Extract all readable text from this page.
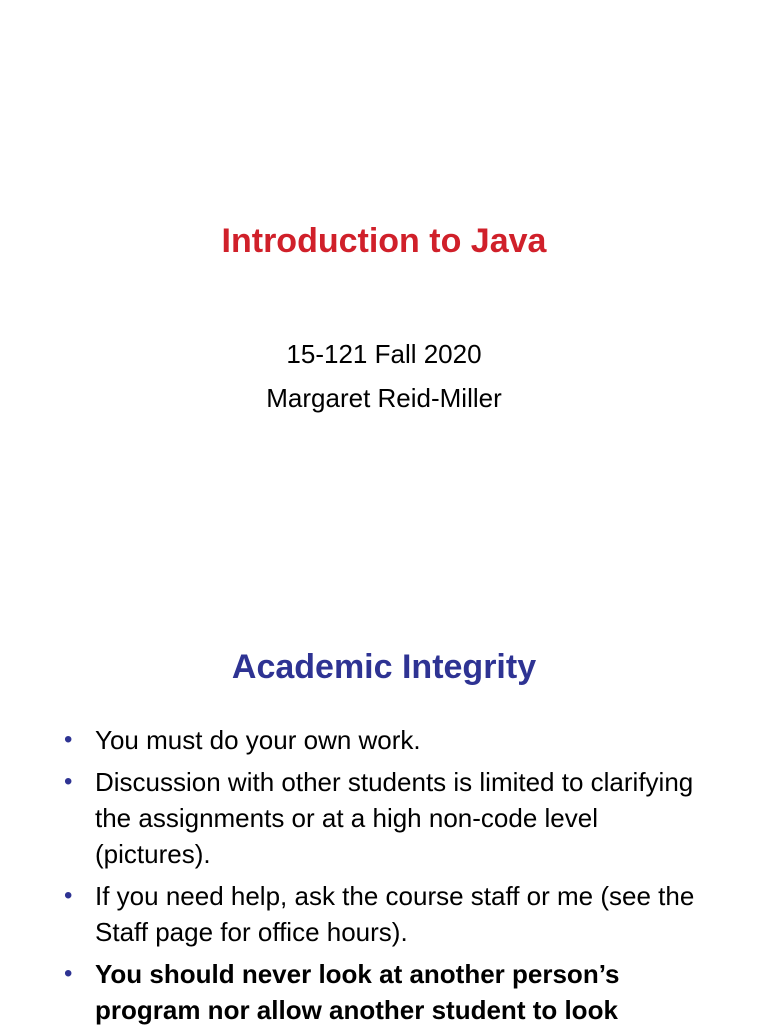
Introduction to Java
15-121 Fall 2020
Margaret Reid-Miller
Academic Integrity
• You must do your own work.
• Discussion with other students is limited to clarifying the assignments or at a high non-code level (pictures).
• If you need help, ask the course staff or me (see the Staff page for office hours).
• You should never look at another person’s program nor allow another student to look
